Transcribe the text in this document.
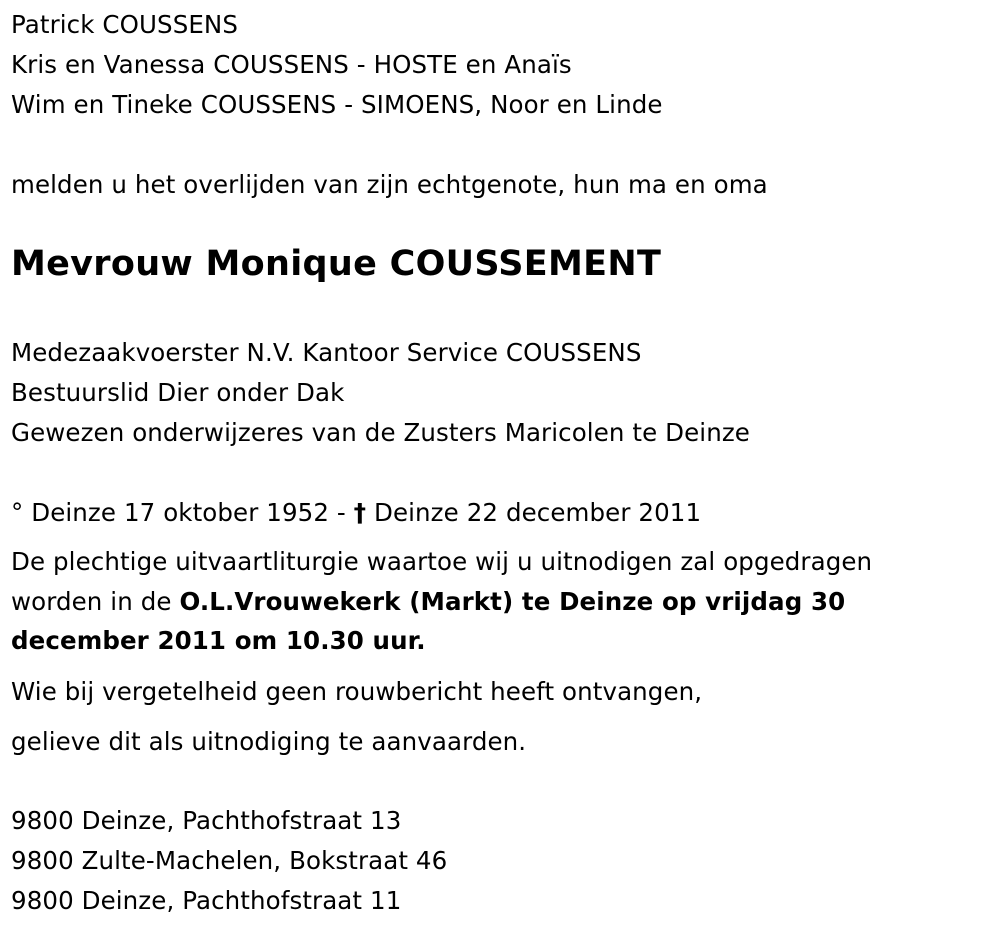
Patrick COUSSENS
Kris en Vanessa COUSSENS - HOSTE en Anaïs
Wim en Tineke COUSSENS - SIMOENS, Noor en Linde
melden u het overlijden van zijn echtgenote, hun ma en oma
Mevrouw Monique COUSSEMENT
Medezaakvoerster N.V. Kantoor Service COUSSENS
Bestuurslid Dier onder Dak
Gewezen onderwijzeres van de Zusters Maricolen te Deinze
° Deinze 17 oktober 1952 - † Deinze 22 december 2011
De plechtige uitvaartliturgie waartoe wij u uitnodigen zal opgedragen
worden in de O.L.Vrouwekerk (Markt) te Deinze op vrijdag 30
december 2011 om 10.30 uur.
Wie bij vergetelheid geen rouwbericht heeft ontvangen,
gelieve dit als uitnodiging te aanvaarden.
9800 Deinze, Pachthofstraat 13
9800 Zulte-Machelen, Bokstraat 46
9800 Deinze, Pachthofstraat 11
